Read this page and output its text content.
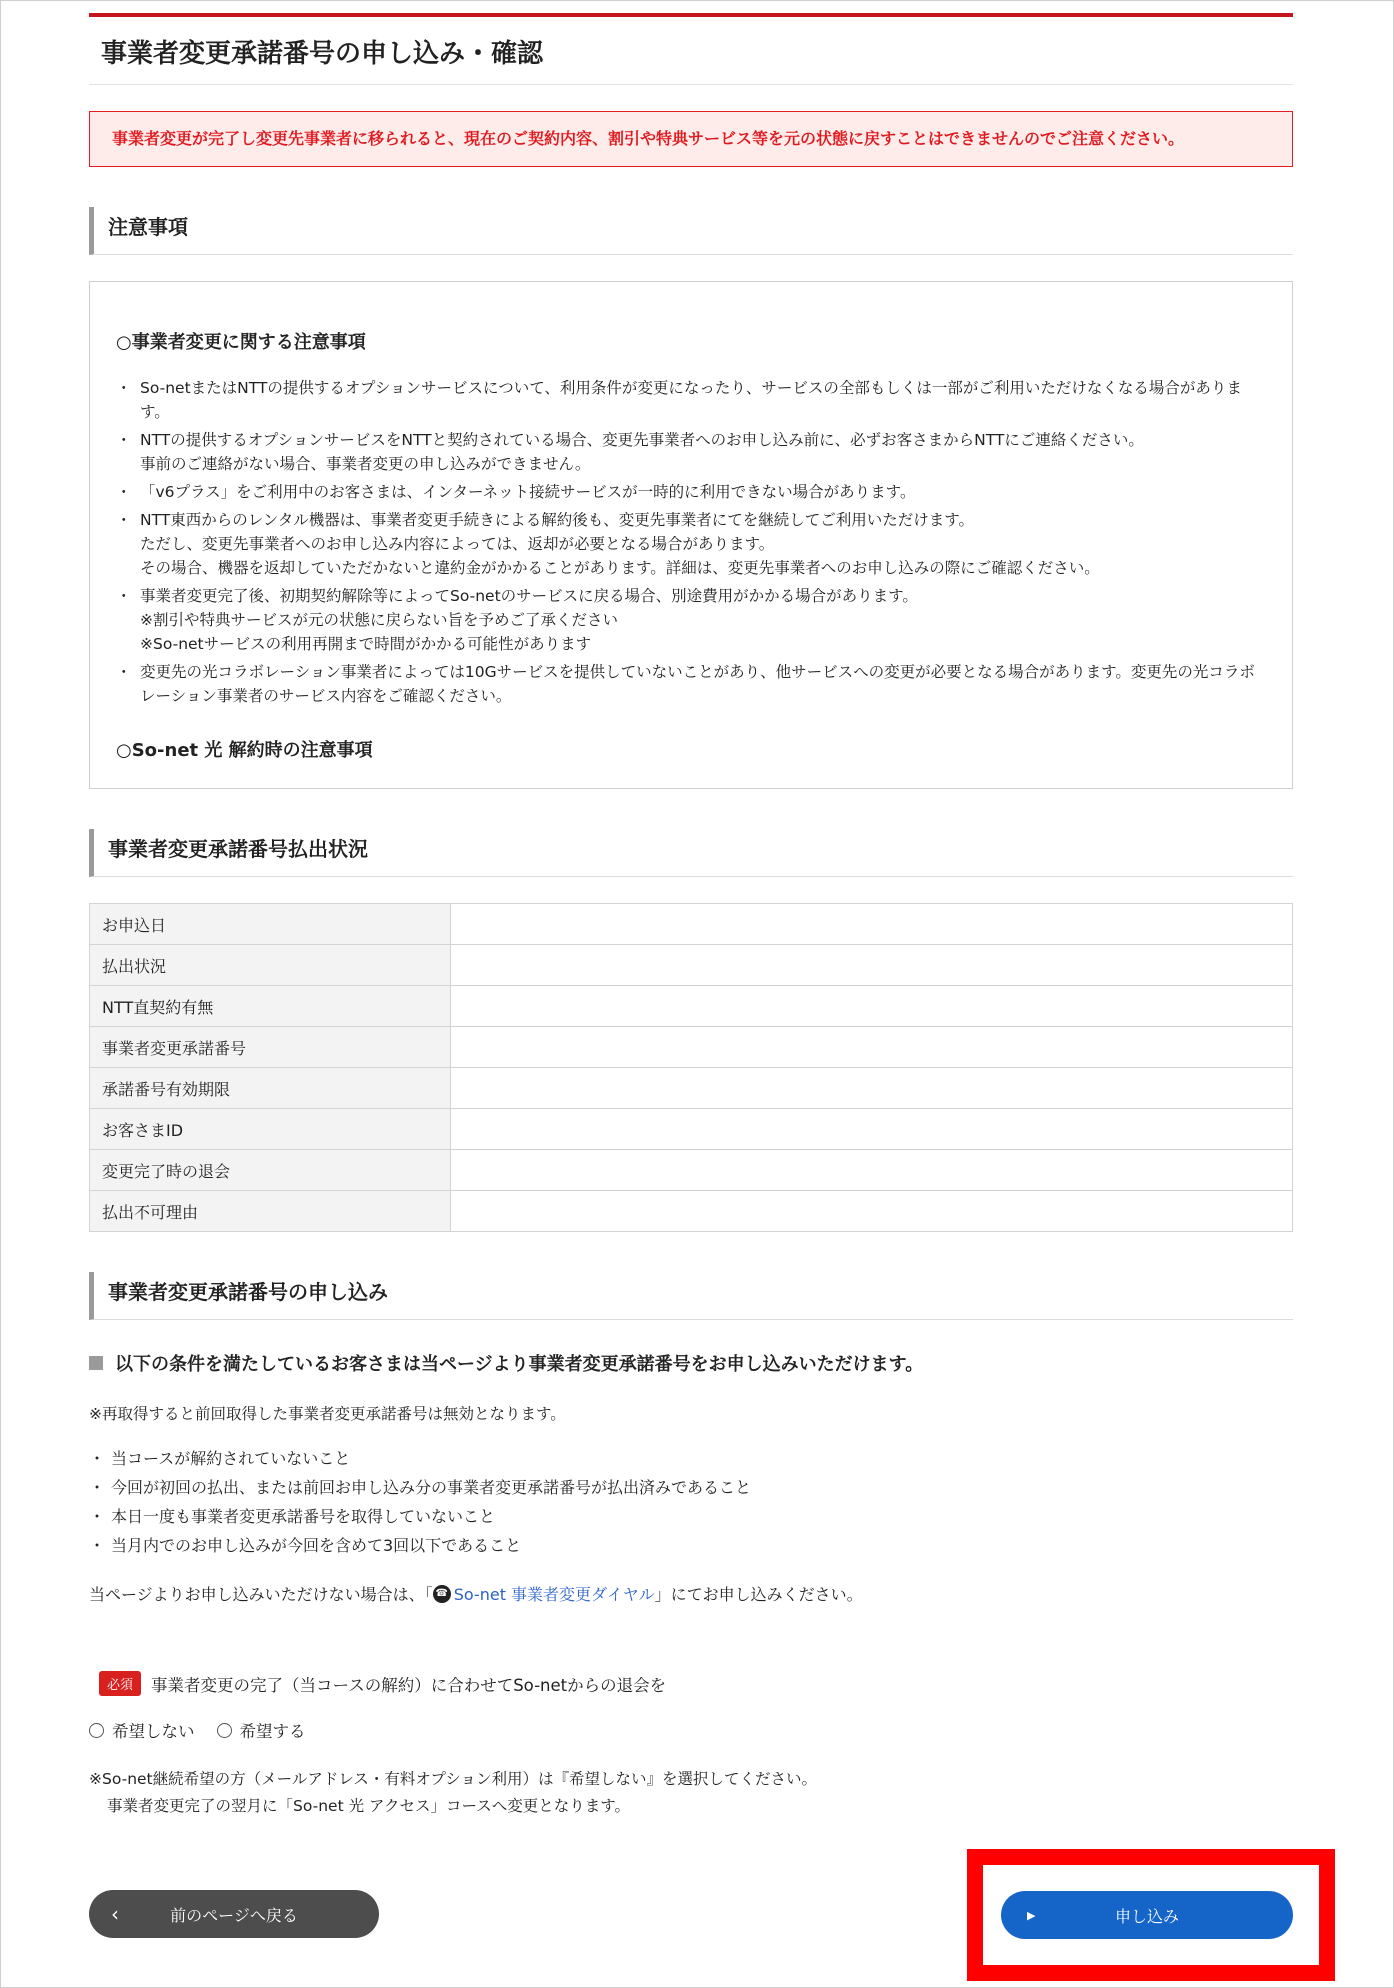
事業者変更承諾番号の申し込み・確認
事業者変更が完了し変更先事業者に移られると、現在のご契約内容、割引や特典サービス等を元の状態に戻すことはできませんのでご注意ください。
注意事項
○事業者変更に関する注意事項
・ So-netまたはNTTの提供するオプションサービスについて、利用条件が変更になったり、サービスの全部もしくは一部がご利用いただけなくなる場合があります。
・ NTTの提供するオプションサービスをNTTと契約されている場合、変更先事業者へのお申し込み前に、必ずお客さまからNTTにご連絡ください。
事前のご連絡がない場合、事業者変更の申し込みができません。
・ 「v6プラス」をご利用中のお客さまは、インターネット接続サービスが一時的に利用できない場合があります。
・ NTT東西からのレンタル機器は、事業者変更手続きによる解約後も、変更先事業者にてを継続してご利用いただけます。
ただし、変更先事業者へのお申し込み内容によっては、返却が必要となる場合があります。
その場合、機器を返却していただかないと違約金がかかることがあります。詳細は、変更先事業者へのお申し込みの際にご確認ください。
・ 事業者変更完了後、初期契約解除等によってSo-netのサービスに戻る場合、別途費用がかかる場合があります。
※割引や特典サービスが元の状態に戻らない旨を予めご了承ください
※So-netサービスの利用再開まで時間がかかる可能性があります
・ 変更先の光コラボレーション事業者によっては10Gサービスを提供していないことがあり、他サービスへの変更が必要となる場合があります。変更先の光コラボレーション事業者のサービス内容をご確認ください。
○So-net 光 解約時の注意事項
事業者変更承諾番号払出状況
お申込日	
払出状況	
NTT直契約有無	
事業者変更承諾番号	
承諾番号有効期限	
お客さまID	
変更完了時の退会	
払出不可理由	
事業者変更承諾番号の申し込み
以下の条件を満たしているお客さまは当ページより事業者変更承諾番号をお申し込みいただけます。
※再取得すると前回取得した事業者変更承諾番号は無効となります。
・ 当コースが解約されていないこと
・ 今回が初回の払出、または前回お申し込み分の事業者変更承諾番号が払出済みであること
・ 本日一度も事業者変更承諾番号を取得していないこと
・ 当月内でのお申し込みが今回を含めて3回以下であること
当ページよりお申し込みいただけない場合は、「 ☎ So-net 事業者変更ダイヤル 」にてお申し込みください。
必須	事業者変更の完了（当コースの解約）に合わせてSo-netからの退会を
希望しない	希望する
※So-net継続希望の方（メールアドレス・有料オプション利用）は『希望しない』を選択してください。
事業者変更完了の翌月に「So-net 光 アクセス」コースへ変更となります。
‹	前のページへ戻る	▶	申し込み
